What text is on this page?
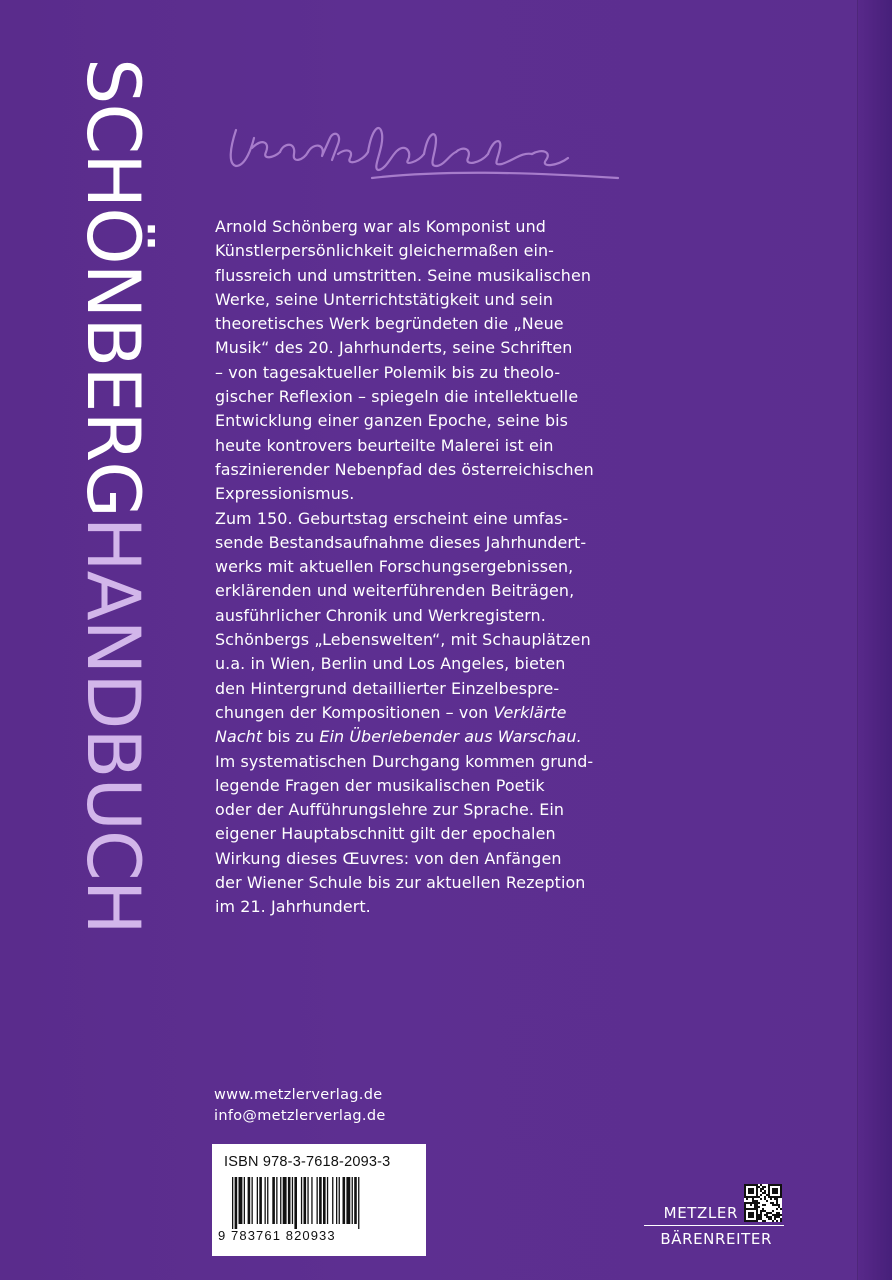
SCHÖNBERGHANDBUCH
Arnold Schönberg war als Komponist und
Künstlerpersönlichkeit gleichermaßen ein-
flussreich und umstritten. Seine musikalischen
Werke, seine Unterrichtstätigkeit und sein
theoretisches Werk begründeten die „Neue
Musik“ des 20. Jahrhunderts, seine Schriften
– von tagesaktueller Polemik bis zu theolo-
gischer Reflexion – spiegeln die intellektuelle
Entwicklung einer ganzen Epoche, seine bis
heute kontrovers beurteilte Malerei ist ein
faszinierender Nebenpfad des österreichischen
Expressionismus.
Zum 150. Geburtstag erscheint eine umfas-
sende Bestandsaufnahme dieses Jahrhundert-
werks mit aktuellen Forschungsergebnissen,
erklärenden und weiterführenden Beiträgen,
ausführlicher Chronik und Werkregistern.
Schönbergs „Lebenswelten“, mit Schauplätzen
u.a. in Wien, Berlin und Los Angeles, bieten
den Hintergrund detaillierter Einzelbespre-
chungen der Kompositionen – von Verklärte
Nacht bis zu Ein Überlebender aus Warschau.
Im systematischen Durchgang kommen grund-
legende Fragen der musikalischen Poetik
oder der Aufführungslehre zur Sprache. Ein
eigener Hauptabschnitt gilt der epochalen
Wirkung dieses Œuvres: von den Anfängen
der Wiener Schule bis zur aktuellen Rezeption
im 21. Jahrhundert.
www.metzlerverlag.de
info@metzlerverlag.de
ISBN 978-3-7618-2093-3
9 783761 820933
METZLER
BÄRENREITER
